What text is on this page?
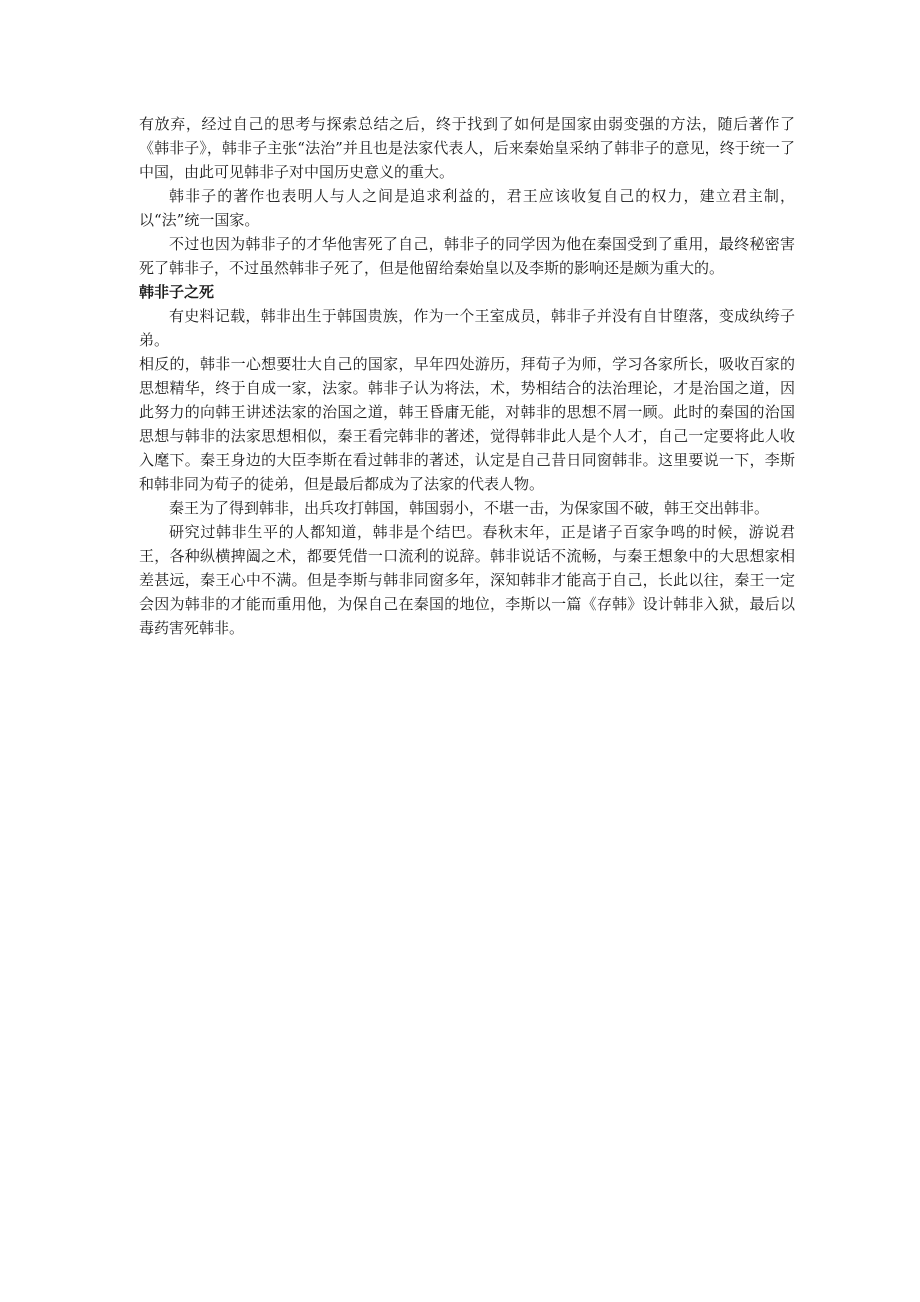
有放弃，经过自己的思考与探索总结之后，终于找到了如何是国家由弱变强的方法，随后著作了《韩非子》，韩非子主张“法治”并且也是法家代表人，后来秦始皇采纳了韩非子的意见，终于统一了中国，由此可见韩非子对中国历史意义的重大。

韩非子的著作也表明人与人之间是追求利益的，君王应该收复自己的权力，建立君主制，以“法”统一国家。

不过也因为韩非子的才华他害死了自己，韩非子的同学因为他在秦国受到了重用，最终秘密害死了韩非子，不过虽然韩非子死了，但是他留给秦始皇以及李斯的影响还是颇为重大的。

韩非子之死

有史料记载，韩非出生于韩国贵族，作为一个王室成员，韩非子并没有自甘堕落，变成纨绔子弟。

相反的，韩非一心想要壮大自己的国家，早年四处游历，拜荀子为师，学习各家所长，吸收百家的思想精华，终于自成一家，法家。韩非子认为将法，术，势相结合的法治理论，才是治国之道，因此努力的向韩王讲述法家的治国之道，韩王昏庸无能，对韩非的思想不屑一顾。此时的秦国的治国思想与韩非的法家思想相似，秦王看完韩非的著述，觉得韩非此人是个人才，自己一定要将此人收入麾下。秦王身边的大臣李斯在看过韩非的著述，认定是自己昔日同窗韩非。这里要说一下，李斯和韩非同为荀子的徒弟，但是最后都成为了法家的代表人物。

秦王为了得到韩非，出兵攻打韩国，韩国弱小，不堪一击，为保家国不破，韩王交出韩非。

研究过韩非生平的人都知道，韩非是个结巴。春秋末年，正是诸子百家争鸣的时候，游说君王，各种纵横捭阖之术，都要凭借一口流利的说辞。韩非说话不流畅，与秦王想象中的大思想家相差甚远，秦王心中不满。但是李斯与韩非同窗多年，深知韩非才能高于自己，长此以往，秦王一定会因为韩非的才能而重用他，为保自己在秦国的地位，李斯以一篇《存韩》设计韩非入狱，最后以毒药害死韩非。
